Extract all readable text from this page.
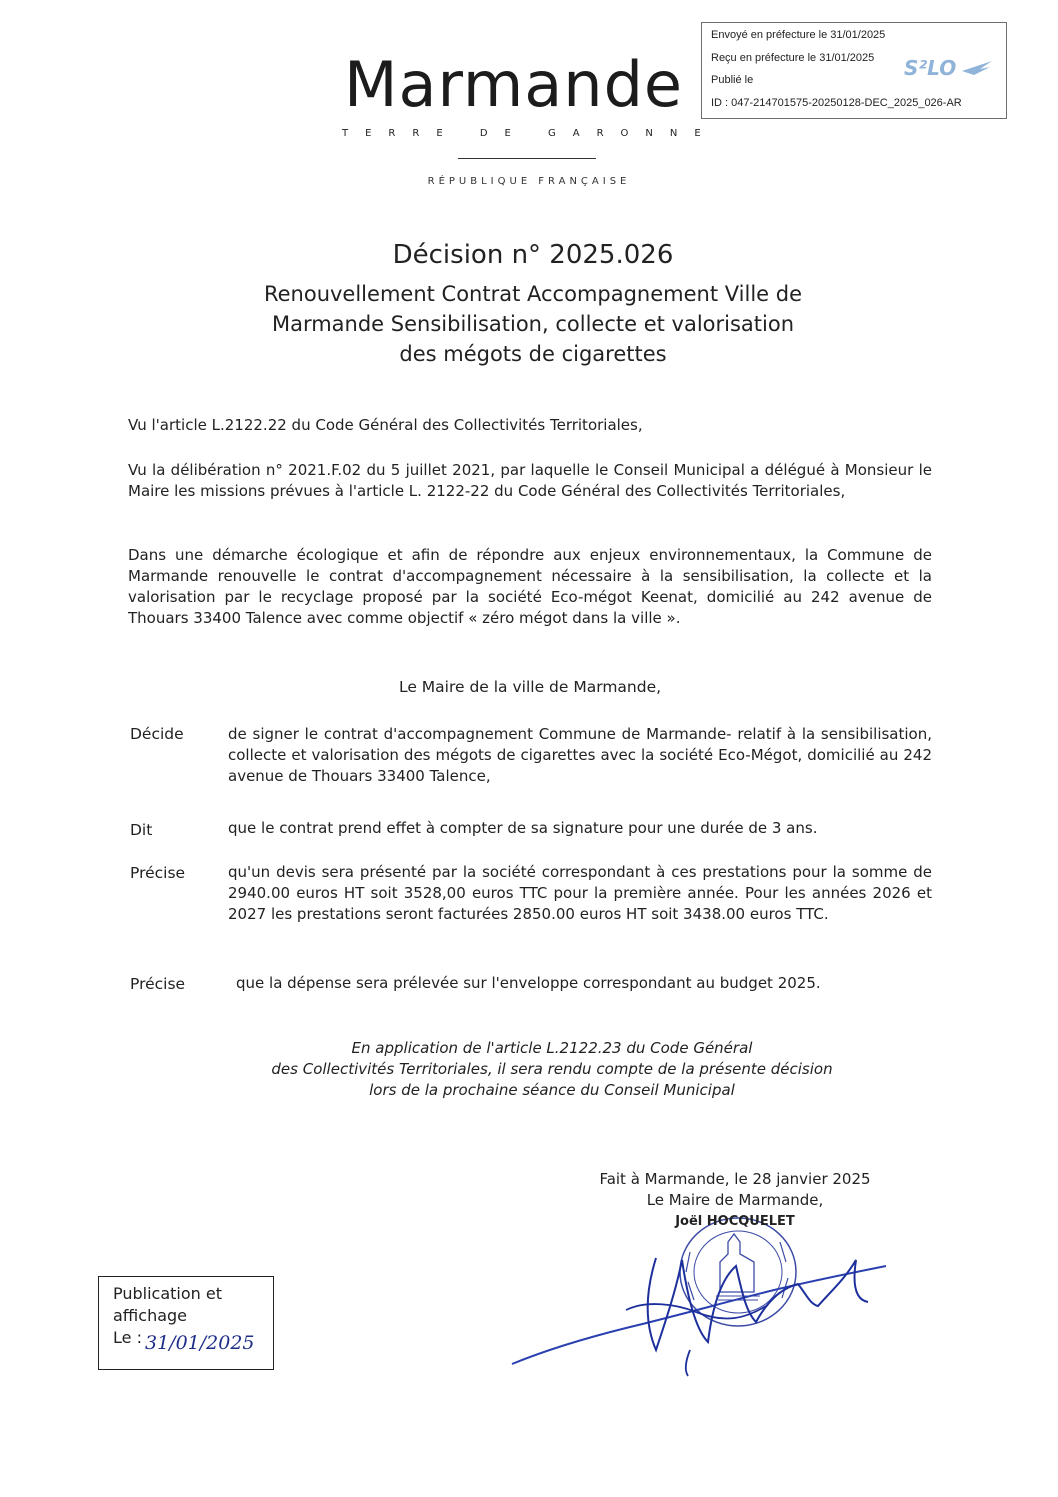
Envoyé en préfecture le 31/01/2025
Reçu en préfecture le 31/01/2025
Publié le
ID : 047-214701575-20250128-DEC_2025_026-AR
S²LO
Marmande
TERRE DE GARONNE
RÉPUBLIQUE FRANÇAISE
Décision n° 2025.026
Renouvellement Contrat Accompagnement Ville de
Marmande Sensibilisation, collecte et valorisation
des mégots de cigarettes
Vu l'article L.2122.22 du Code Général des Collectivités Territoriales,
Vu la délibération n° 2021.F.02 du 5 juillet 2021, par laquelle le Conseil Municipal a délégué à Monsieur le Maire les missions prévues à l'article L. 2122-22 du Code Général des Collectivités Territoriales,
Dans une démarche écologique et afin de répondre aux enjeux environnementaux, la Commune de Marmande renouvelle le contrat d'accompagnement nécessaire à la sensibilisation, la collecte et la valorisation par le recyclage proposé par la société Eco-mégot Keenat, domicilié au 242 avenue de Thouars 33400 Talence avec comme objectif « zéro mégot dans la ville ».
Le Maire de la ville de Marmande,
Décide	de signer le contrat d'accompagnement Commune de Marmande- relatif à la sensibilisation, collecte et valorisation des mégots de cigarettes avec la société Eco-Mégot, domicilié au 242 avenue de Thouars 33400 Talence,
Dit	que le contrat prend effet à compter de sa signature pour une durée de 3 ans.
Précise	qu'un devis sera présenté par la société correspondant à ces prestations pour la somme de 2940.00 euros HT soit 3528,00 euros TTC pour la première année. Pour les années 2026 et 2027 les prestations seront facturées 2850.00 euros HT soit 3438.00 euros TTC.
Précise	que la dépense sera prélevée sur l'enveloppe correspondant au budget 2025.
En application de l'article L.2122.23 du Code Général
des Collectivités Territoriales, il sera rendu compte de la présente décision
lors de la prochaine séance du Conseil Municipal
Fait à Marmande, le 28 janvier 2025
Le Maire de Marmande,
Joël HOCQUELET
Publication et
affichage
Le : 31/01/2025
